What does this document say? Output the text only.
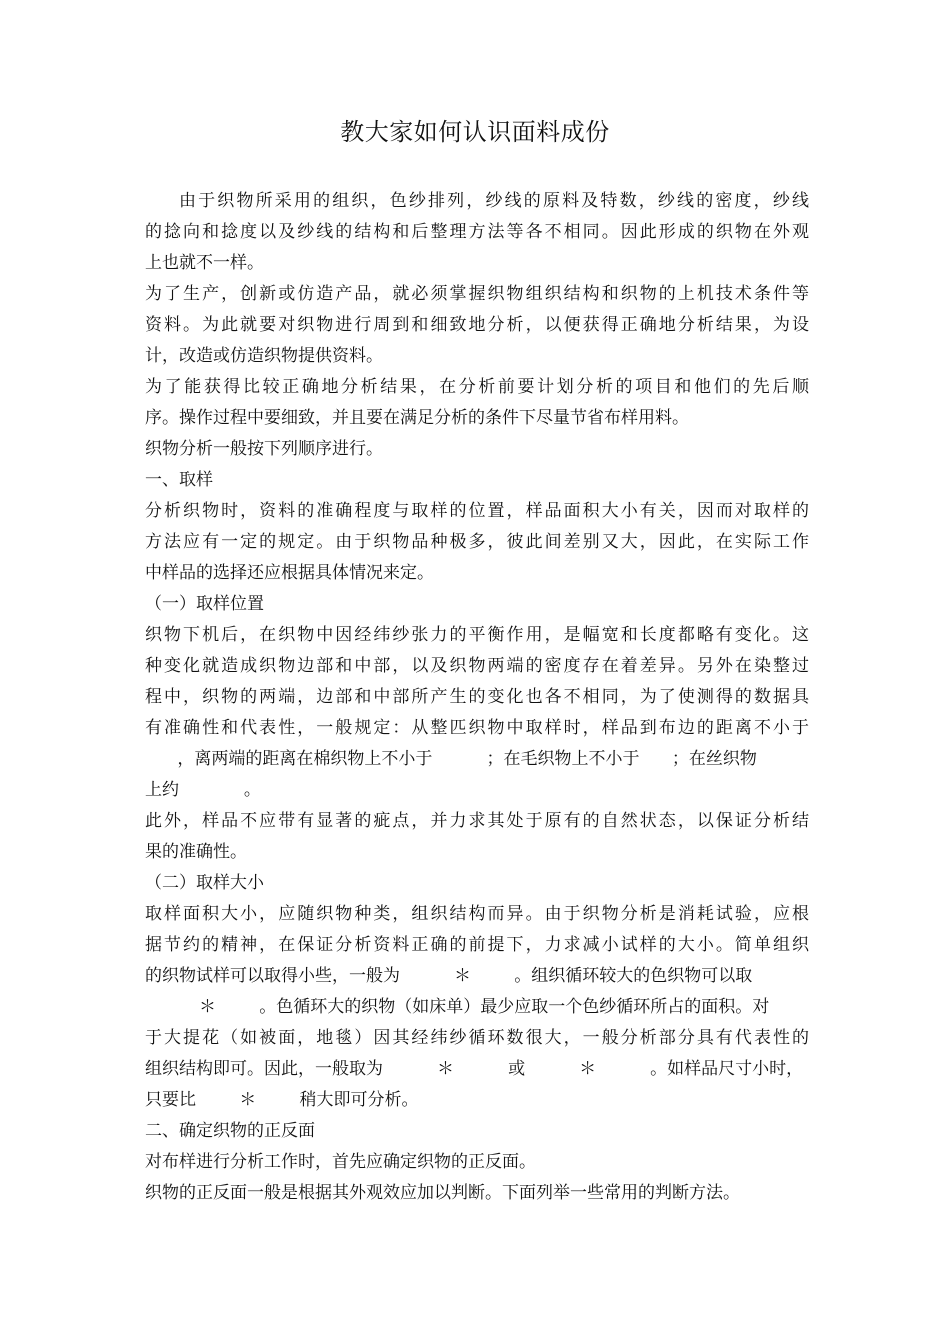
教大家如何认识面料成份
由于织物所采用的组织，色纱排列，纱线的原料及特数，纱线的密度，纱线
的捻向和捻度以及纱线的结构和后整理方法等各不相同。因此形成的织物在外观
上也就不一样。
为了生产，创新或仿造产品，就必须掌握织物组织结构和织物的上机技术条件等
资料。为此就要对织物进行周到和细致地分析，以便获得正确地分析结果，为设
计，改造或仿造织物提供资料。
为了能获得比较正确地分析结果，在分析前要计划分析的项目和他们的先后顺
序。操作过程中要细致，并且要在满足分析的条件下尽量节省布样用料。
织物分析一般按下列顺序进行。
一、取样
分析织物时，资料的准确程度与取样的位置，样品面积大小有关，因而对取样的
方法应有一定的规定。由于织物品种极多，彼此间差别又大，因此，在实际工作
中样品的选择还应根据具体情况来定。
（一）取样位置
织物下机后，在织物中因经纬纱张力的平衡作用，是幅宽和长度都略有变化。这
种变化就造成织物边部和中部，以及织物两端的密度存在着差异。另外在染整过
程中，织物的两端，边部和中部所产生的变化也各不相同，为了使测得的数据具
有准确性和代表性，一般规定：从整匹织物中取样时，样品到布边的距离不小于
，离两端的距离在棉织物上不小于          ；在毛织物上不小于      ；在丝织物
上约            。
此外，样品不应带有显著的疵点，并力求其处于原有的自然状态，以保证分析结
果的准确性。
（二）取样大小
取样面积大小，应随织物种类，组织结构而异。由于织物分析是消耗试验，应根
据节约的精神，在保证分析资料正确的前提下，力求减小试样的大小。简单组织
的织物试样可以取得小些，一般为          ＊        。组织循环较大的色织物可以取
＊        。色循环大的织物（如床单）最少应取一个色纱循环所占的面积。对
于大提花（如被面，地毯）因其经纬纱循环数很大，一般分析部分具有代表性的
组织结构即可。因此，一般取为          ＊          或          ＊          。如样品尺寸小时，
只要比        ＊        稍大即可分析。
二、确定织物的正反面
对布样进行分析工作时，首先应确定织物的正反面。
织物的正反面一般是根据其外观效应加以判断。下面列举一些常用的判断方法。
